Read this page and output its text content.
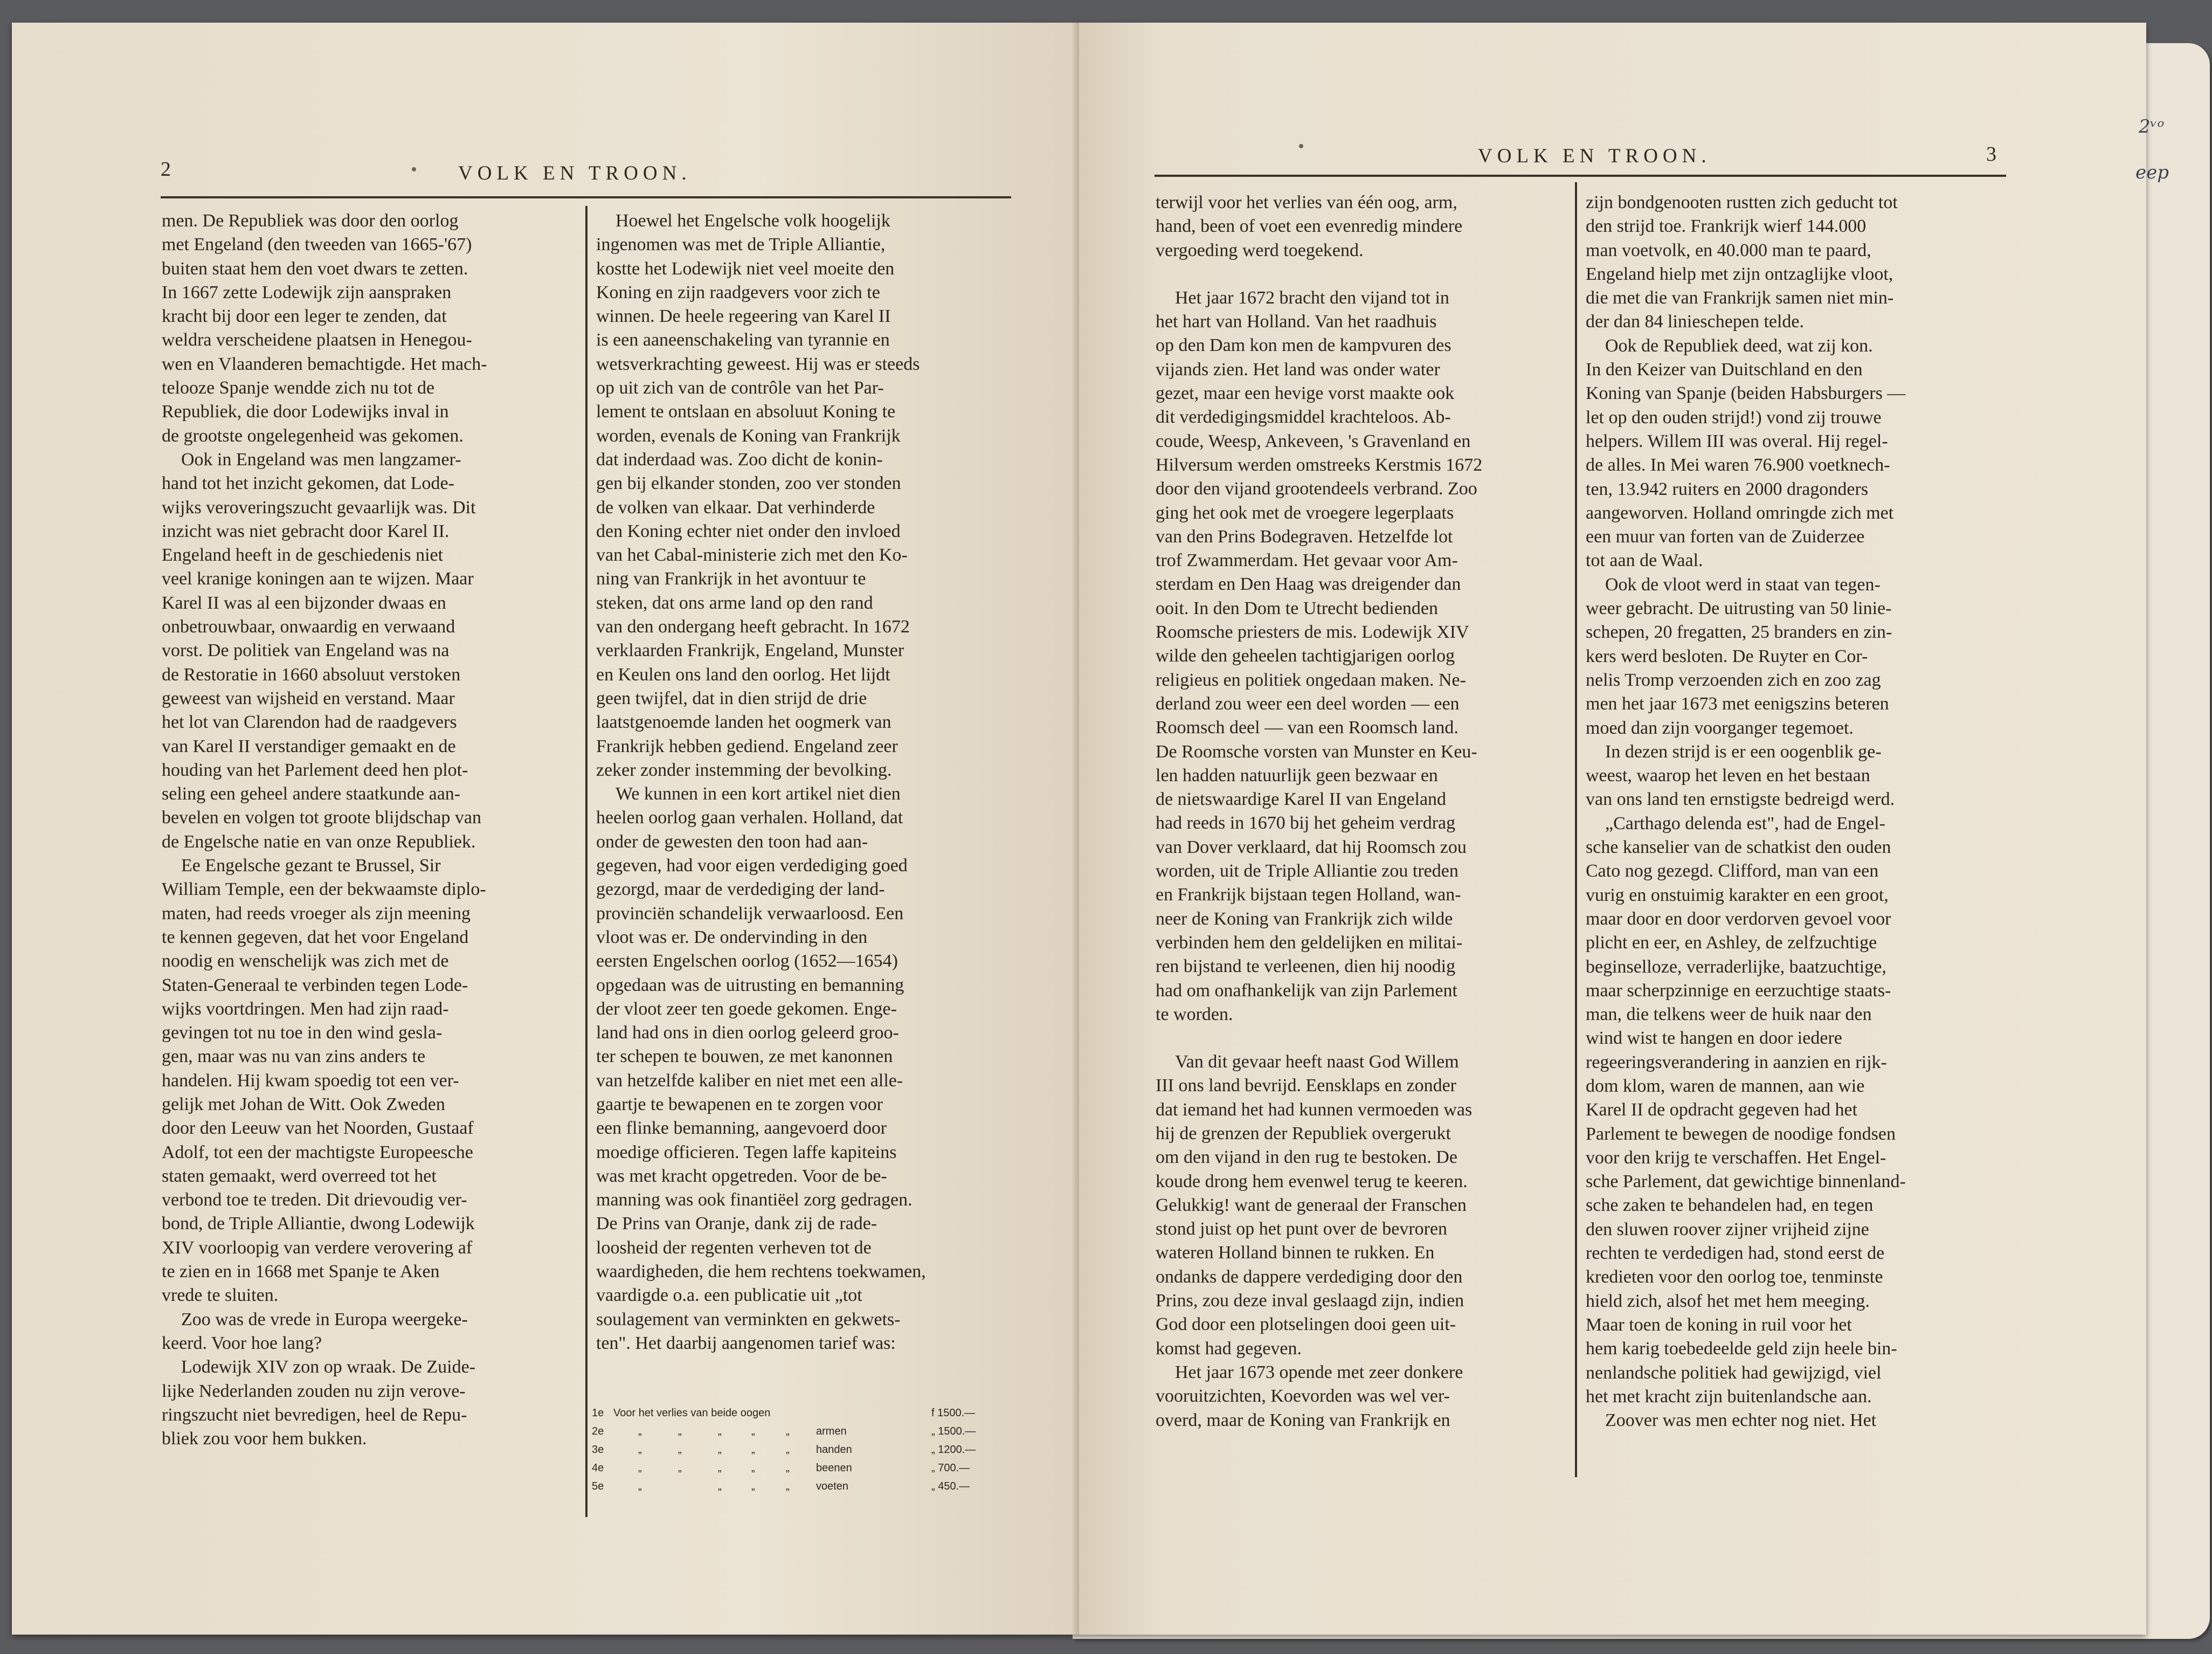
2	VOLK EN TROON.

men. De Republiek was door den oorlog
met Engeland (den tweeden van 1665-'67)
buiten staat hem den voet dwars te zetten.
In 1667 zette Lodewijk zijn aanspraken
kracht bij door een leger te zenden, dat
weldra verscheidene plaatsen in Henegou-
wen en Vlaanderen bemachtigde. Het mach-
telooze Spanje wendde zich nu tot de
Republiek, die door Lodewijks inval in
de grootste ongelegenheid was gekomen.

Ook in Engeland was men langzamer-
hand tot het inzicht gekomen, dat Lode-
wijks veroveringszucht gevaarlijk was. Dit
inzicht was niet gebracht door Karel II.
Engeland heeft in de geschiedenis niet
veel kranige koningen aan te wijzen. Maar
Karel II was al een bijzonder dwaas en
onbetrouwbaar, onwaardig en verwaand
vorst. De politiek van Engeland was na
de Restoratie in 1660 absoluut verstoken
geweest van wijsheid en verstand. Maar
het lot van Clarendon had de raadgevers
van Karel II verstandiger gemaakt en de
houding van het Parlement deed hen plot-
seling een geheel andere staatkunde aan-
bevelen en volgen tot groote blijdschap van
de Engelsche natie en van onze Republiek.

Ee Engelsche gezant te Brussel, Sir
William Temple, een der bekwaamste diplo-
maten, had reeds vroeger als zijn meening
te kennen gegeven, dat het voor Engeland
noodig en wenschelijk was zich met de
Staten-Generaal te verbinden tegen Lode-
wijks voortdringen. Men had zijn raad-
gevingen tot nu toe in den wind gesla-
gen, maar was nu van zins anders te
handelen. Hij kwam spoedig tot een ver-
gelijk met Johan de Witt. Ook Zweden
door den Leeuw van het Noorden, Gustaaf
Adolf, tot een der machtigste Europeesche
staten gemaakt, werd overreed tot het
verbond toe te treden. Dit drievoudig ver-
bond, de Triple Alliantie, dwong Lodewijk
XIV voorloopig van verdere verovering af
te zien en in 1668 met Spanje te Aken
vrede te sluiten.

Zoo was de vrede in Europa weergeke-
keerd. Voor hoe lang?

Lodewijk XIV zon op wraak. De Zuide-
lijke Nederlanden zouden nu zijn verove-
ringszucht niet bevredigen, heel de Repu-
bliek zou voor hem bukken.

Hoewel het Engelsche volk hoogelijk
ingenomen was met de Triple Alliantie,
kostte het Lodewijk niet veel moeite den
Koning en zijn raadgevers voor zich te
winnen. De heele regeering van Karel II
is een aaneenschakeling van tyrannie en
wetsverkrachting geweest. Hij was er steeds
op uit zich van de contrôle van het Par-
lement te ontslaan en absoluut Koning te
worden, evenals de Koning van Frankrijk
dat inderdaad was. Zoo dicht de konin-
gen bij elkander stonden, zoo ver stonden
de volken van elkaar. Dat verhinderde
den Koning echter niet onder den invloed
van het Cabal-ministerie zich met den Ko-
ning van Frankrijk in het avontuur te
steken, dat ons arme land op den rand
van den ondergang heeft gebracht. In 1672
verklaarden Frankrijk, Engeland, Munster
en Keulen ons land den oorlog. Het lijdt
geen twijfel, dat in dien strijd de drie
laatstgenoemde landen het oogmerk van
Frankrijk hebben gediend. Engeland zeer
zeker zonder instemming der bevolking.

We kunnen in een kort artikel niet dien
heelen oorlog gaan verhalen. Holland, dat
onder de gewesten den toon had aan-
gegeven, had voor eigen verdediging goed
gezorgd, maar de verdediging der land-
provinciën schandelijk verwaarloosd. Een
vloot was er. De ondervinding in den
eersten Engelschen oorlog (1652—1654)
opgedaan was de uitrusting en bemanning
der vloot zeer ten goede gekomen. Enge-
land had ons in dien oorlog geleerd groo-
ter schepen te bouwen, ze met kanonnen
van hetzelfde kaliber en niet met een alle-
gaartje te bewapenen en te zorgen voor
een flinke bemanning, aangevoerd door
moedige officieren. Tegen laffe kapiteins
was met kracht opgetreden. Voor de be-
manning was ook finantiëel zorg gedragen.
De Prins van Oranje, dank zij de rade-
loosheid der regenten verheven tot de
waardigheden, die hem rechtens toekwamen,
vaardigde o.a. een publicatie uit „tot
soulagement van verminkten en gekwets-
ten". Het daarbij aangenomen tarief was:

1e Voor het verlies van beide oogen	f 1500.—
2e	„	„	„	„	„ armen	„ 1500.—
3e	„	„	„	„	„ handen	„ 1200.—
4e	„	„	„	„	„ beenen	„ 700.—
5e	„	„	„	„ voeten	„ 450.—
VOLK EN TROON.	3

terwijl voor het verlies van één oog, arm,
hand, been of voet een evenredig mindere
vergoeding werd toegekend.

Het jaar 1672 bracht den vijand tot in
het hart van Holland. Van het raadhuis
op den Dam kon men de kampvuren des
vijands zien. Het land was onder water
gezet, maar een hevige vorst maakte ook
dit verdedigingsmiddel krachteloos. Ab-
coude, Weesp, Ankeveen, 's Gravenland en
Hilversum werden omstreeks Kerstmis 1672
door den vijand grootendeels verbrand. Zoo
ging het ook met de vroegere legerplaats
van den Prins Bodegraven. Hetzelfde lot
trof Zwammerdam. Het gevaar voor Am-
sterdam en Den Haag was dreigender dan
ooit. In den Dom te Utrecht bedienden
Roomsche priesters de mis. Lodewijk XIV
wilde den geheelen tachtigjarigen oorlog
religieus en politiek ongedaan maken. Ne-
derland zou weer een deel worden — een
Roomsch deel — van een Roomsch land.
De Roomsche vorsten van Munster en Keu-
len hadden natuurlijk geen bezwaar en
de nietswaardige Karel II van Engeland
had reeds in 1670 bij het geheim verdrag
van Dover verklaard, dat hij Roomsch zou
worden, uit de Triple Alliantie zou treden
en Frankrijk bijstaan tegen Holland, wan-
neer de Koning van Frankrijk zich wilde
verbinden hem den geldelijken en militai-
ren bijstand te verleenen, dien hij noodig
had om onafhankelijk van zijn Parlement
te worden.

Van dit gevaar heeft naast God Willem
III ons land bevrijd. Eensklaps en zonder
dat iemand het had kunnen vermoeden was
hij de grenzen der Republiek overgerukt
om den vijand in den rug te bestoken. De
koude drong hem evenwel terug te keeren.
Gelukkig! want de generaal der Franschen
stond juist op het punt over de bevroren
wateren Holland binnen te rukken. En
ondanks de dappere verdediging door den
Prins, zou deze inval geslaagd zijn, indien
God door een plotselingen dooi geen uit-
komst had gegeven.

Het jaar 1673 opende met zeer donkere
vooruitzichten, Koevorden was wel ver-
overd, maar de Koning van Frankrijk en

zijn bondgenooten rustten zich geducht tot
den strijd toe. Frankrijk wierf 144.000
man voetvolk, en 40.000 man te paard,
Engeland hielp met zijn ontzaglijke vloot,
die met die van Frankrijk samen niet min-
der dan 84 linieschepen telde.

Ook de Republiek deed, wat zij kon.
In den Keizer van Duitschland en den
Koning van Spanje (beiden Habsburgers —
let op den ouden strijd!) vond zij trouwe
helpers. Willem III was overal. Hij regel-
de alles. In Mei waren 76.900 voetknech-
ten, 13.942 ruiters en 2000 dragonders
aangeworven. Holland omringde zich met
een muur van forten van de Zuiderzee
tot aan de Waal.

Ook de vloot werd in staat van tegen-
weer gebracht. De uitrusting van 50 linie-
schepen, 20 fregatten, 25 branders en zin-
kers werd besloten. De Ruyter en Cor-
nelis Tromp verzoenden zich en zoo zag
men het jaar 1673 met eenigszins beteren
moed dan zijn voorganger tegemoet.

In dezen strijd is er een oogenblik ge-
weest, waarop het leven en het bestaan
van ons land ten ernstigste bedreigd werd.

„Carthago delenda est", had de Engel-
sche kanselier van de schatkist den ouden
Cato nog gezegd. Clifford, man van een
vurig en onstuimig karakter en een groot,
maar door en door verdorven gevoel voor
plicht en eer, en Ashley, de zelfzuchtige
beginselloze, verraderlijke, baatzuchtige,
maar scherpzinnige en eerzuchtige staats-
man, die telkens weer de huik naar den
wind wist te hangen en door iedere
regeeringsverandering in aanzien en rijk-
dom klom, waren de mannen, aan wie
Karel II de opdracht gegeven had het
Parlement te bewegen de noodige fondsen
voor den krijg te verschaffen. Het Engel-
sche Parlement, dat gewichtige binnenland-
sche zaken te behandelen had, en tegen
den sluwen roover zijner vrijheid zijne
rechten te verdedigen had, stond eerst de
kredieten voor den oorlog toe, tenminste
hield zich, alsof het met hem meeging.
Maar toen de koning in ruil voor het
hem karig toebedeelde geld zijn heele bin-
nenlandsche politiek had gewijzigd, viel
het met kracht zijn buitenlandsche aan.

Zoover was men echter nog niet. Het

2ᵛᵒ
eep
